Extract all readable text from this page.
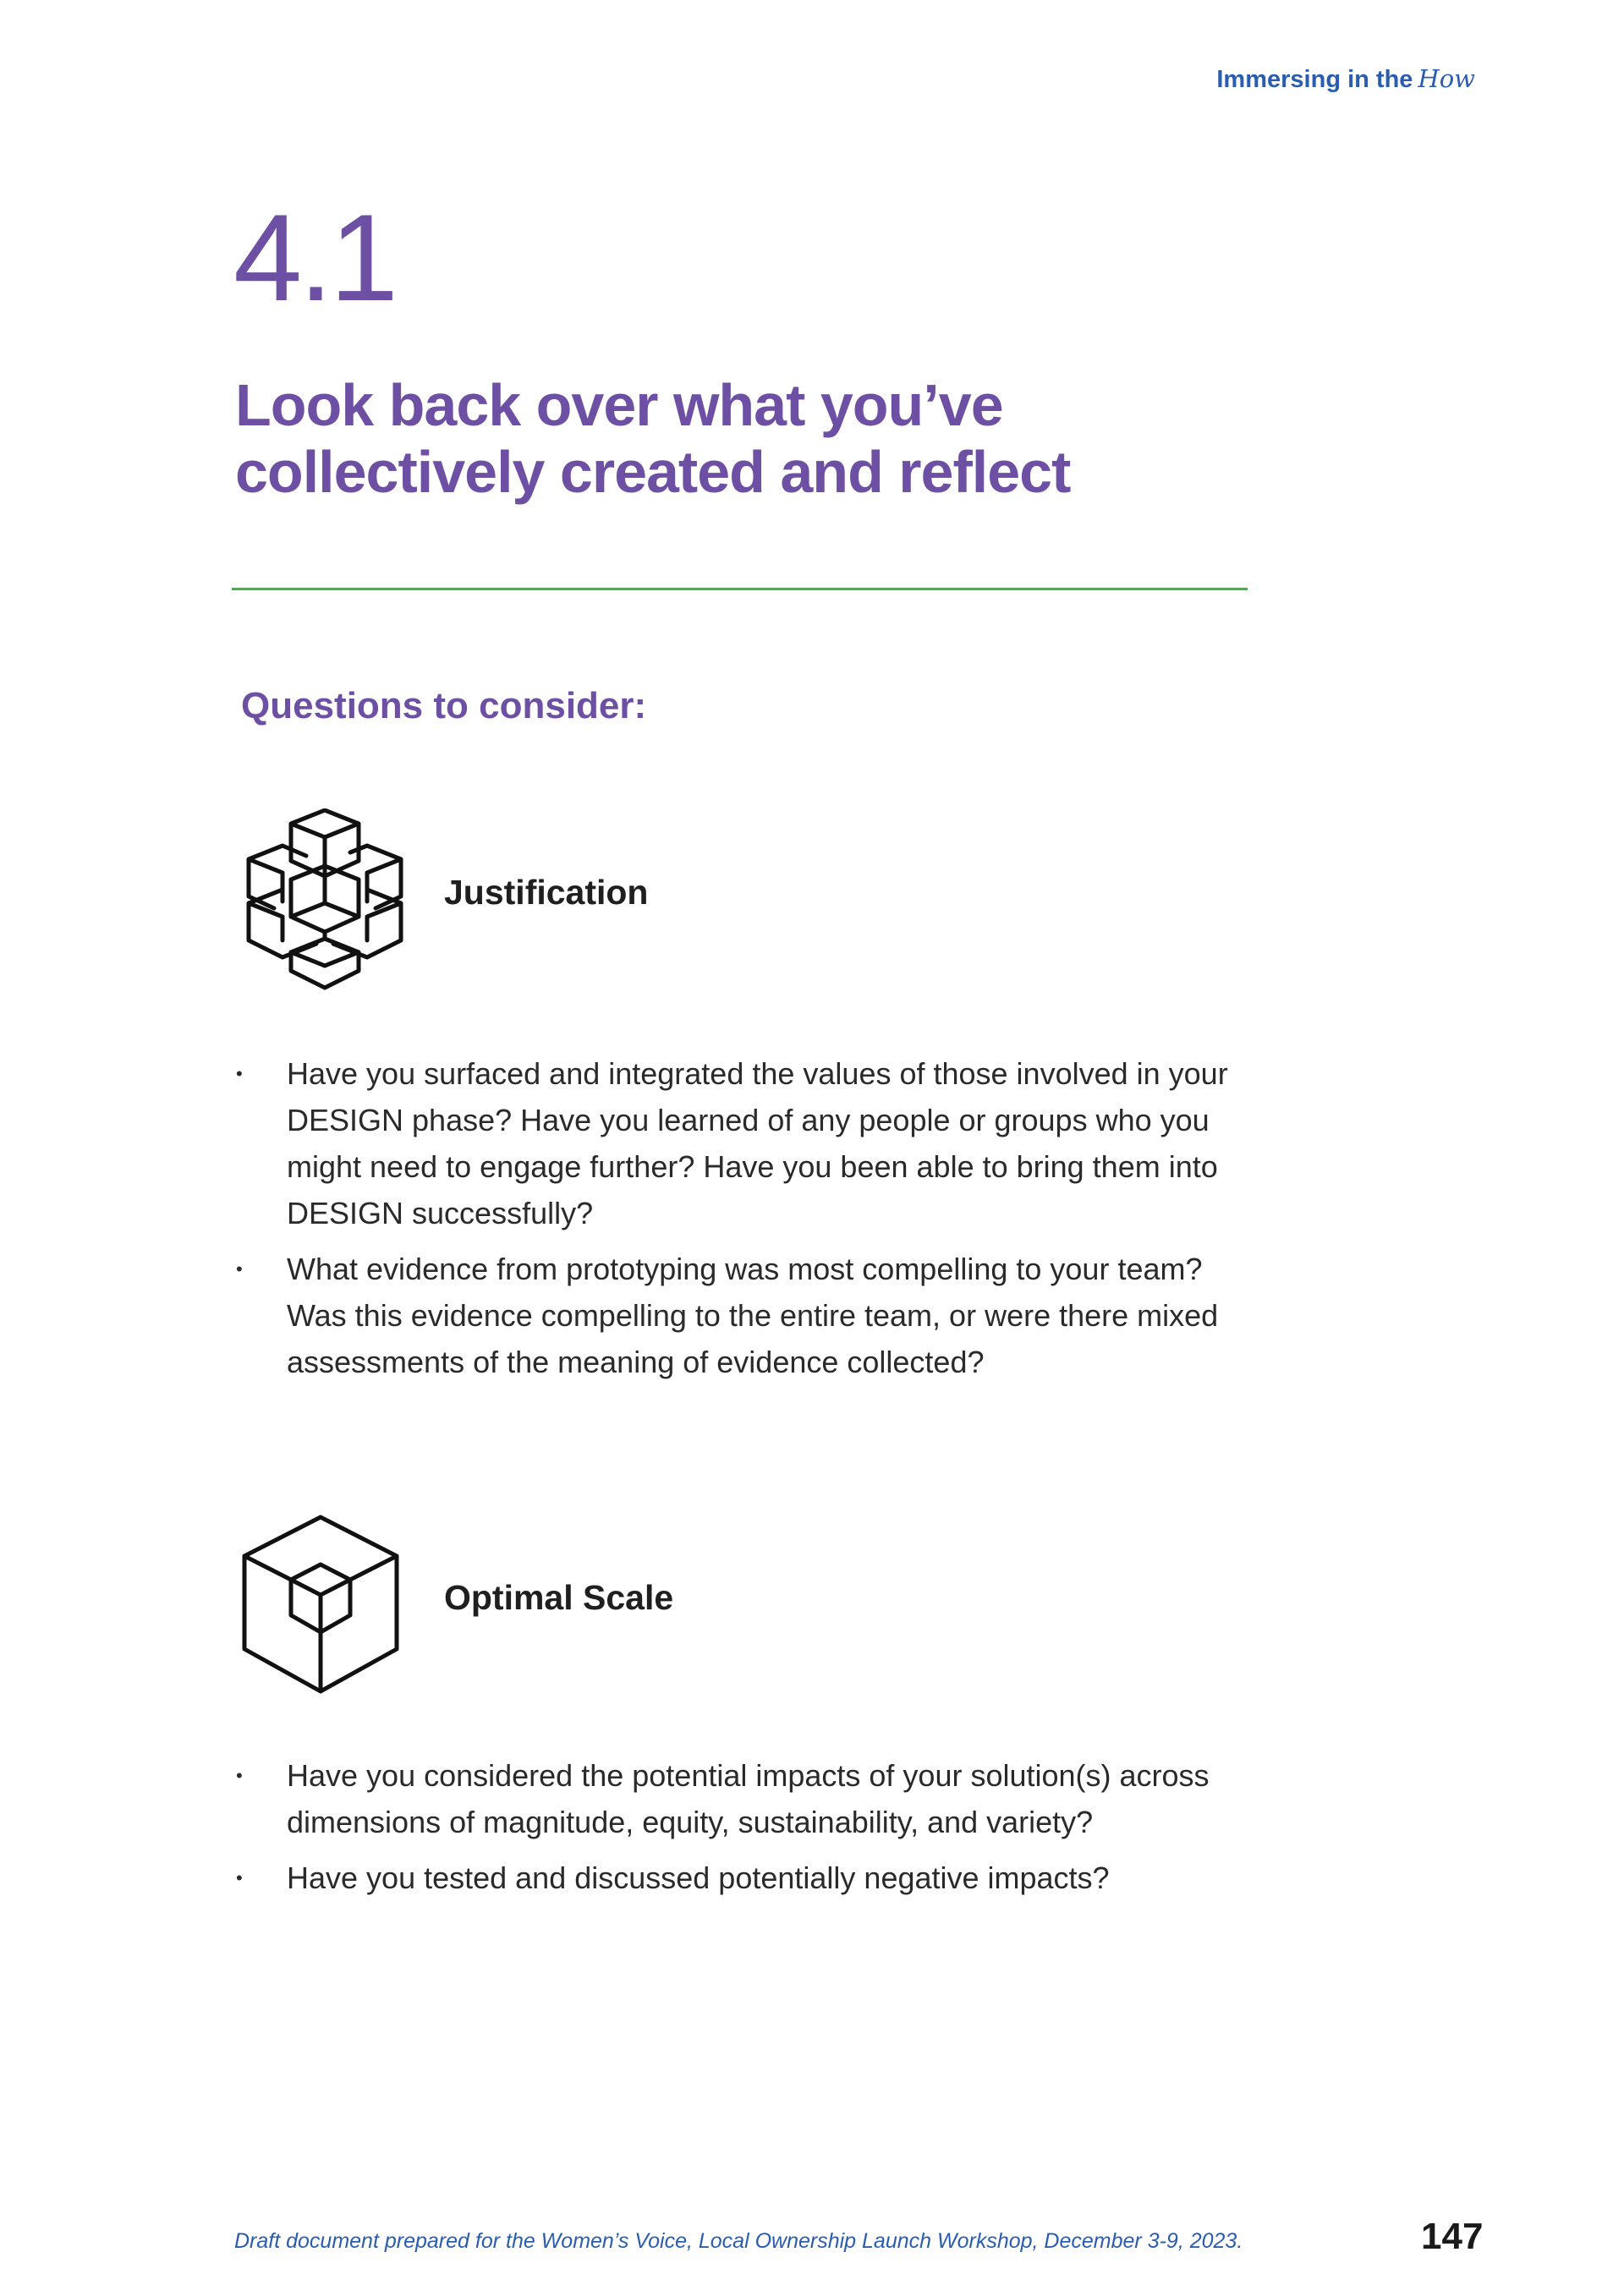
Immersing in the How
4.1
Look back over what you’ve
collectively created and reflect
Questions to consider:
Justification
• Have you surfaced and integrated the values of those involved in your DESIGN phase? Have you learned of any people or groups who you might need to engage further? Have you been able to bring them into DESIGN successfully?
• What evidence from prototyping was most compelling to your team? Was this evidence compelling to the entire team, or were there mixed assessments of the meaning of evidence collected?
Optimal Scale
• Have you considered the potential impacts of your solution(s) across dimensions of magnitude, equity, sustainability, and variety?
• Have you tested and discussed potentially negative impacts?
Draft document prepared for the Women’s Voice, Local Ownership Launch Workshop, December 3-9, 2023.	147
